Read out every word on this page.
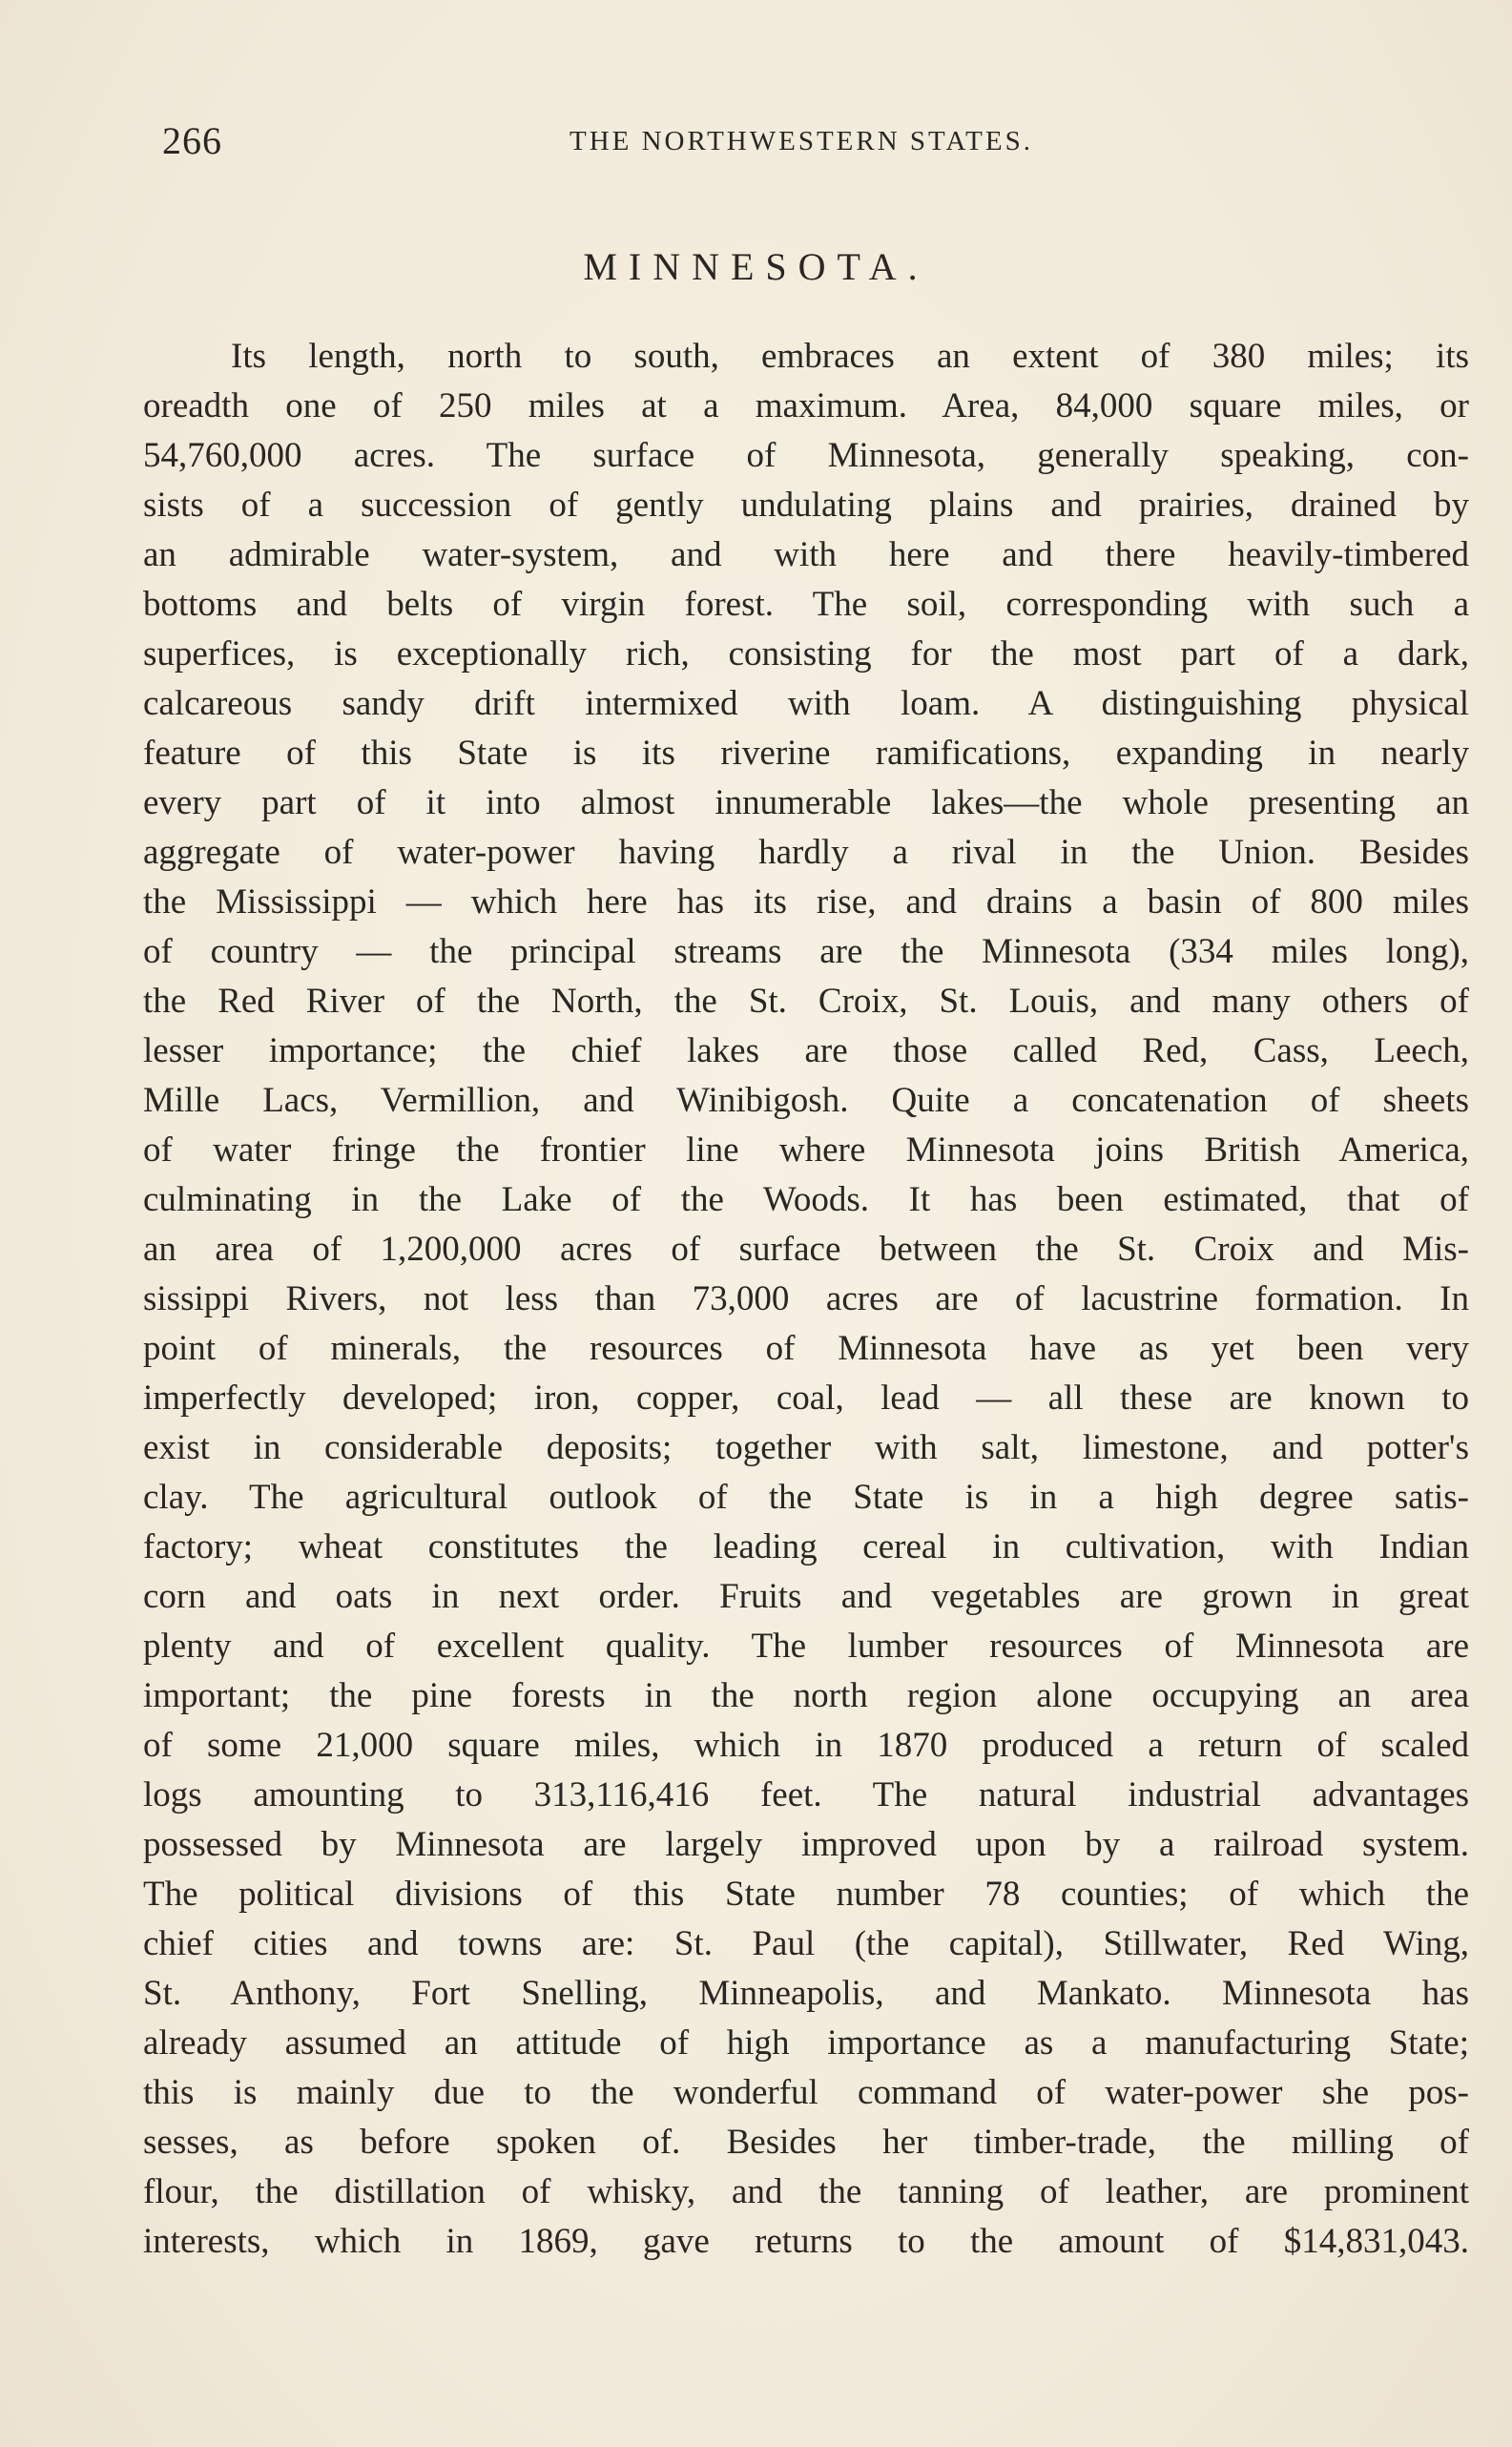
266	THE NORTHWESTERN STATES.
MINNESOTA.
Its length, north to south, embraces an extent of 380 miles; its
oreadth one of 250 miles at a maximum. Area, 84,000 square miles, or
54,760,000 acres. The surface of Minnesota, generally speaking, con-
sists of a succession of gently undulating plains and prairies, drained by
an admirable water-system, and with here and there heavily-timbered
bottoms and belts of virgin forest. The soil, corresponding with such a
superfices, is exceptionally rich, consisting for the most part of a dark,
calcareous sandy drift intermixed with loam. A distinguishing physical
feature of this State is its riverine ramifications, expanding in nearly
every part of it into almost innumerable lakes—the whole presenting an
aggregate of water-power having hardly a rival in the Union. Besides
the Mississippi — which here has its rise, and drains a basin of 800 miles
of country — the principal streams are the Minnesota (334 miles long),
the Red River of the North, the St. Croix, St. Louis, and many others of
lesser importance; the chief lakes are those called Red, Cass, Leech,
Mille Lacs, Vermillion, and Winibigosh. Quite a concatenation of sheets
of water fringe the frontier line where Minnesota joins British America,
culminating in the Lake of the Woods. It has been estimated, that of
an area of 1,200,000 acres of surface between the St. Croix and Mis-
sissippi Rivers, not less than 73,000 acres are of lacustrine formation. In
point of minerals, the resources of Minnesota have as yet been very
imperfectly developed; iron, copper, coal, lead — all these are known to
exist in considerable deposits; together with salt, limestone, and potter's
clay. The agricultural outlook of the State is in a high degree satis-
factory; wheat constitutes the leading cereal in cultivation, with Indian
corn and oats in next order. Fruits and vegetables are grown in great
plenty and of excellent quality. The lumber resources of Minnesota are
important; the pine forests in the north region alone occupying an area
of some 21,000 square miles, which in 1870 produced a return of scaled
logs amounting to 313,116,416 feet. The natural industrial advantages
possessed by Minnesota are largely improved upon by a railroad system.
The political divisions of this State number 78 counties; of which the
chief cities and towns are: St. Paul (the capital), Stillwater, Red Wing,
St. Anthony, Fort Snelling, Minneapolis, and Mankato. Minnesota has
already assumed an attitude of high importance as a manufacturing State;
this is mainly due to the wonderful command of water-power she pos-
sesses, as before spoken of. Besides her timber-trade, the milling of
flour, the distillation of whisky, and the tanning of leather, are prominent
interests, which in 1869, gave returns to the amount of $14,831,043.
